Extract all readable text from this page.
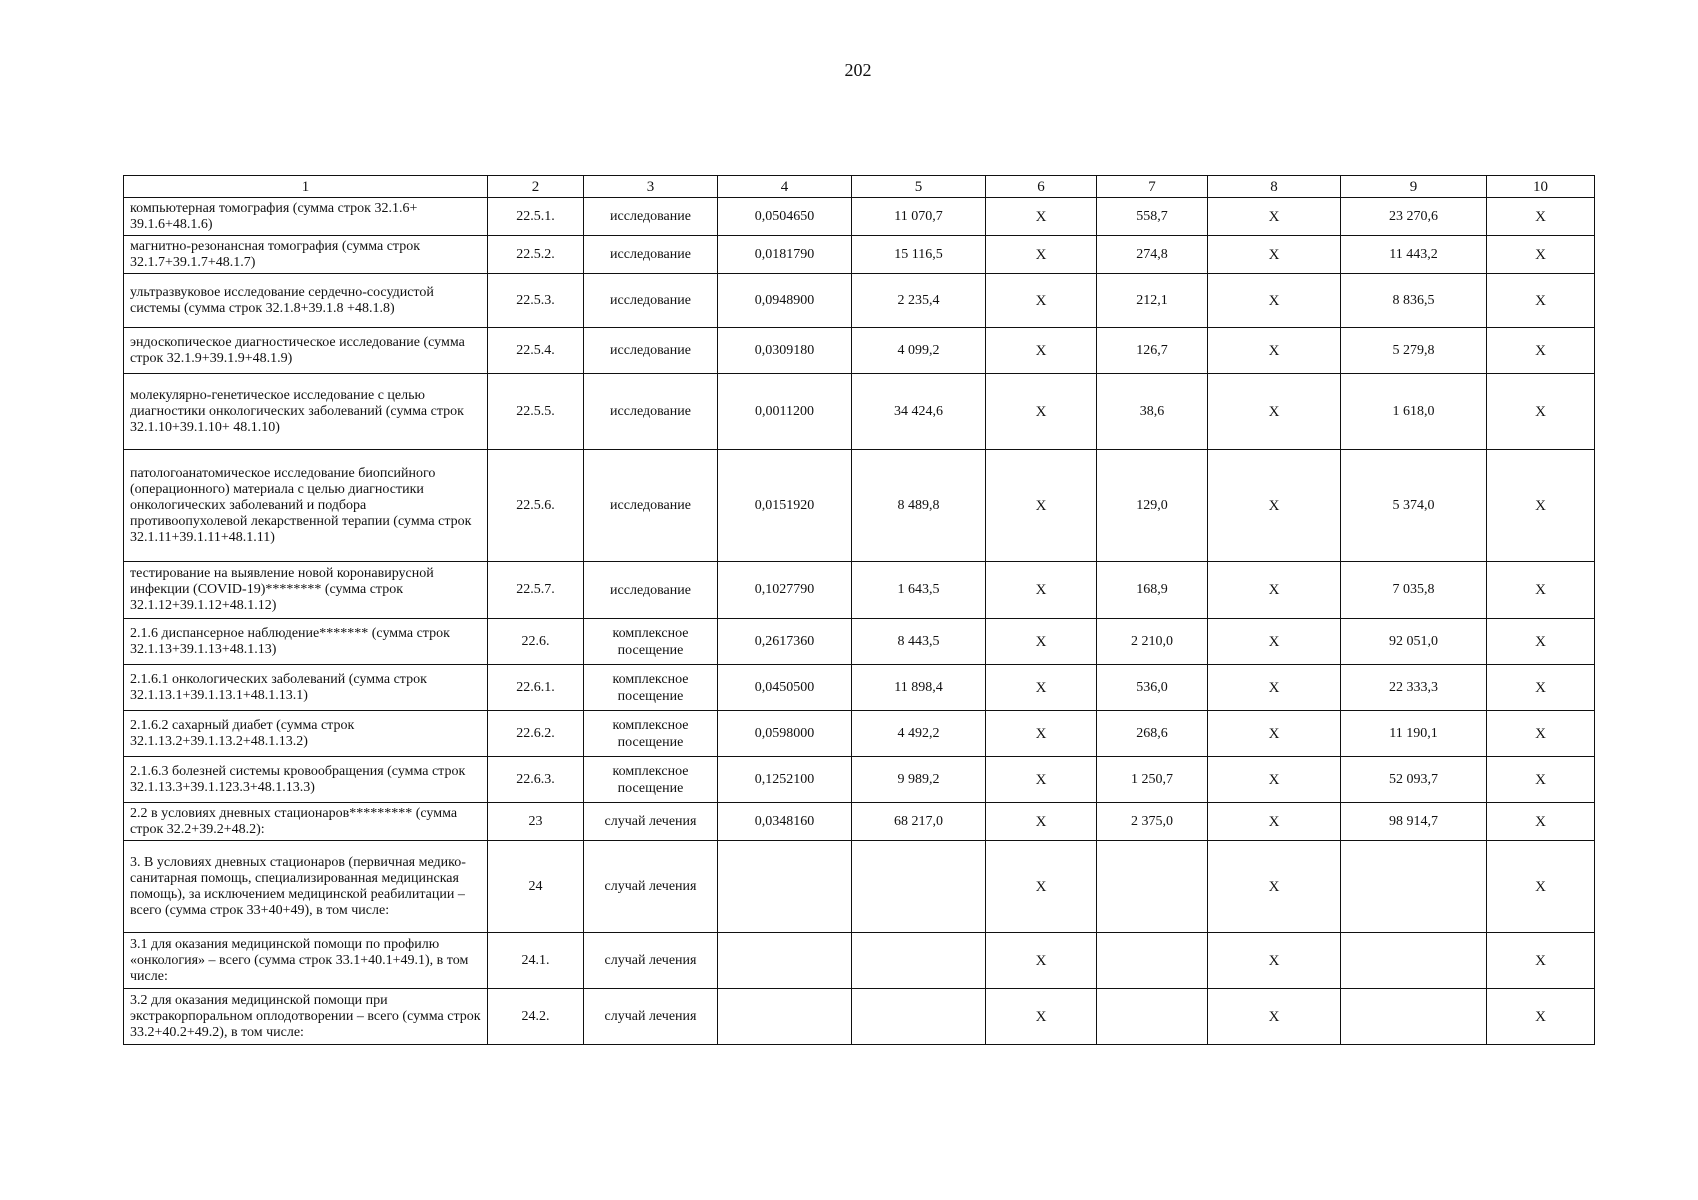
202
1	2	3	4	5	6	7	8	9	10
компьютерная томография (сумма строк 32.1.6+ 39.1.6+48.1.6)	22.5.1.	исследование	0,0504650	11 070,7	Х	558,7	Х	23 270,6	Х
магнитно-резонансная томография (сумма строк 32.1.7+39.1.7+48.1.7)	22.5.2.	исследование	0,0181790	15 116,5	Х	274,8	Х	11 443,2	Х
ультразвуковое исследование сердечно-сосудистой системы (сумма строк 32.1.8+39.1.8 +48.1.8)	22.5.3.	исследование	0,0948900	2 235,4	Х	212,1	Х	8 836,5	Х
эндоскопическое диагностическое исследование (сумма строк 32.1.9+39.1.9+48.1.9)	22.5.4.	исследование	0,0309180	4 099,2	Х	126,7	Х	5 279,8	Х
молекулярно-генетическое исследование с целью диагностики онкологических заболеваний (сумма строк 32.1.10+39.1.10+ 48.1.10)	22.5.5.	исследование	0,0011200	34 424,6	Х	38,6	Х	1 618,0	Х
патологоанатомическое исследование биопсийного (операционного) материала с целью диагностики онкологических заболеваний и подбора противоопухолевой лекарственной терапии (сумма строк 32.1.11+39.1.11+48.1.11)	22.5.6.	исследование	0,0151920	8 489,8	Х	129,0	Х	5 374,0	Х
тестирование на выявление новой коронавирусной инфекции (COVID-19)******** (сумма строк 32.1.12+39.1.12+48.1.12)	22.5.7.	исследование	0,1027790	1 643,5	Х	168,9	Х	7 035,8	Х
2.1.6 диспансерное наблюдение******* (сумма строк 32.1.13+39.1.13+48.1.13)	22.6.	комплексное посещение	0,2617360	8 443,5	Х	2 210,0	Х	92 051,0	Х
2.1.6.1 онкологических заболеваний (сумма строк 32.1.13.1+39.1.13.1+48.1.13.1)	22.6.1.	комплексное посещение	0,0450500	11 898,4	Х	536,0	Х	22 333,3	Х
2.1.6.2 сахарный диабет (сумма строк 32.1.13.2+39.1.13.2+48.1.13.2)	22.6.2.	комплексное посещение	0,0598000	4 492,2	Х	268,6	Х	11 190,1	Х
2.1.6.3 болезней системы кровообращения (сумма строк 32.1.13.3+39.1.123.3+48.1.13.3)	22.6.3.	комплексное посещение	0,1252100	9 989,2	Х	1 250,7	Х	52 093,7	Х
2.2 в условиях дневных стационаров********* (сумма строк 32.2+39.2+48.2):	23	случай лечения	0,0348160	68 217,0	Х	2 375,0	Х	98 914,7	Х
3. В условиях дневных стационаров (первичная медико-санитарная помощь, специализированная медицинская помощь), за исключением медицинской реабилитации – всего (сумма строк 33+40+49), в том числе:	24	случай лечения			Х		Х		Х
3.1 для оказания медицинской помощи по профилю «онкология» – всего (сумма строк 33.1+40.1+49.1), в том числе:	24.1.	случай лечения			Х		Х		Х
3.2 для оказания медицинской помощи при экстракорпоральном оплодотворении – всего (сумма строк 33.2+40.2+49.2), в том числе:	24.2.	случай лечения			Х		Х		Х
